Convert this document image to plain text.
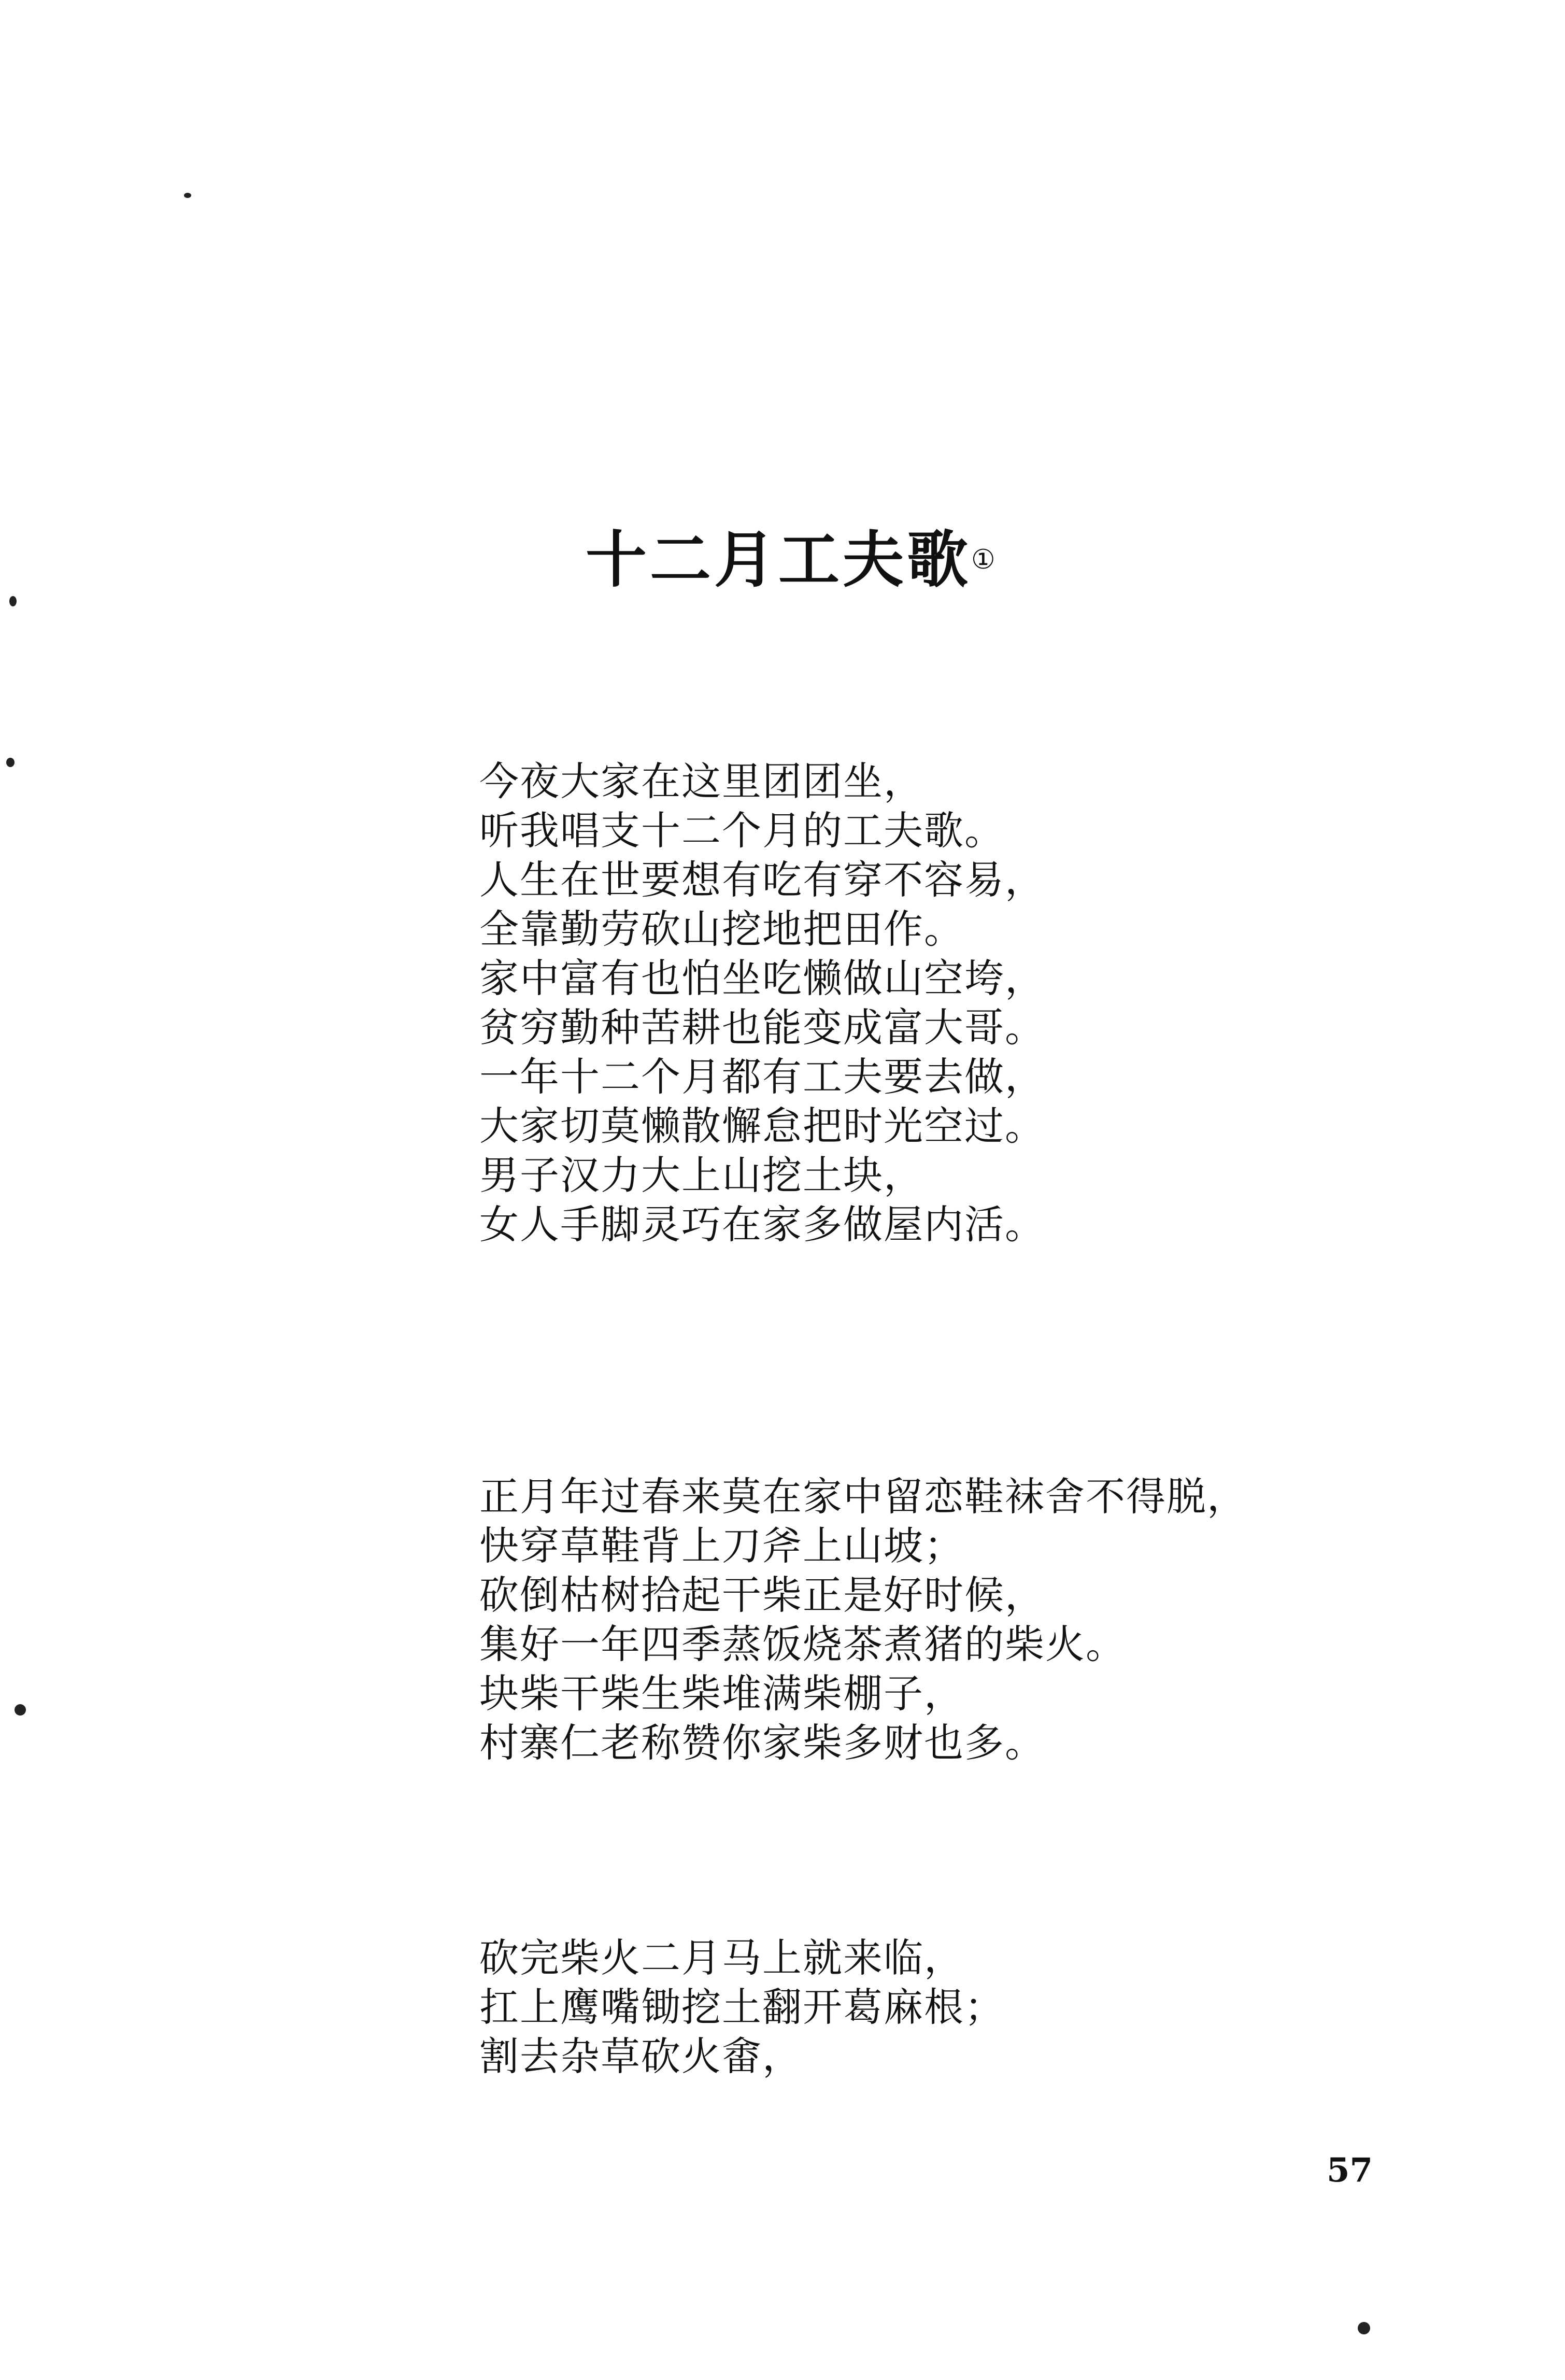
十二月工夫歌①
今夜大家在这里团团坐，
听我唱支十二个月的工夫歌。
人生在世要想有吃有穿不容易，
全靠勤劳砍山挖地把田作。
家中富有也怕坐吃懒做山空垮，
贫穷勤种苦耕也能变成富大哥。
一年十二个月都有工夫要去做，
大家切莫懒散懈怠把时光空过。
男子汉力大上山挖土块，
女人手脚灵巧在家多做屋内活。
正月年过春来莫在家中留恋鞋袜舍不得脱，
快穿草鞋背上刀斧上山坡；
砍倒枯树拾起干柴正是好时候，
集好一年四季蒸饭烧茶煮猪的柴火。
块柴干柴生柴堆满柴棚子，
村寨仁老称赞你家柴多财也多。
砍完柴火二月马上就来临，
扛上鹰嘴锄挖土翻开葛麻根；
割去杂草砍火畬，
57
